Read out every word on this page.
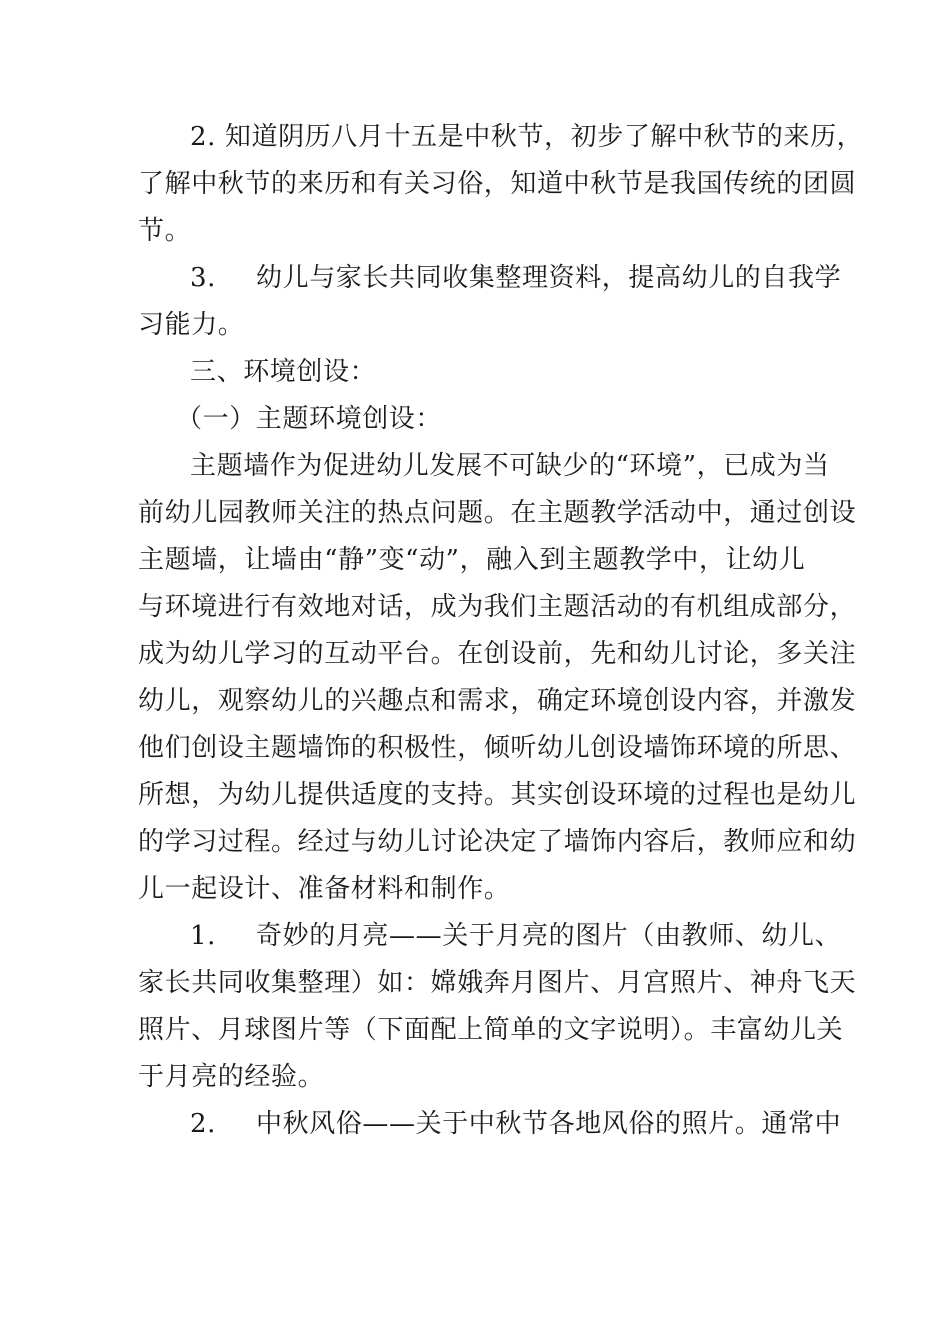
2. 知道阴历八月十五是中秋节，初步了解中秋节的来历，
了解中秋节的来历和有关习俗，知道中秋节是我国传统的团圆
节。
3. 幼儿与家长共同收集整理资料，提高幼儿的自我学
习能力。
三、环境创设：
（一）主题环境创设：
主题墙作为促进幼儿发展不可缺少的“环境”，已成为当
前幼儿园教师关注的热点问题。在主题教学活动中，通过创设
主题墙，让墙由“静”变“动”，融入到主题教学中，让幼儿
与环境进行有效地对话，成为我们主题活动的有机组成部分，
成为幼儿学习的互动平台。在创设前，先和幼儿讨论，多关注
幼儿，观察幼儿的兴趣点和需求，确定环境创设内容，并激发
他们创设主题墙饰的积极性，倾听幼儿创设墙饰环境的所思、
所想，为幼儿提供适度的支持。其实创设环境的过程也是幼儿
的学习过程。经过与幼儿讨论决定了墙饰内容后，教师应和幼
儿一起设计、准备材料和制作。
1. 奇妙的月亮——关于月亮的图片（由教师、幼儿、
家长共同收集整理）如：嫦娥奔月图片、月宫照片、神舟飞天
照片、月球图片等（下面配上简单的文字说明）。丰富幼儿关
于月亮的经验。
2. 中秋风俗——关于中秋节各地风俗的照片。通常中
